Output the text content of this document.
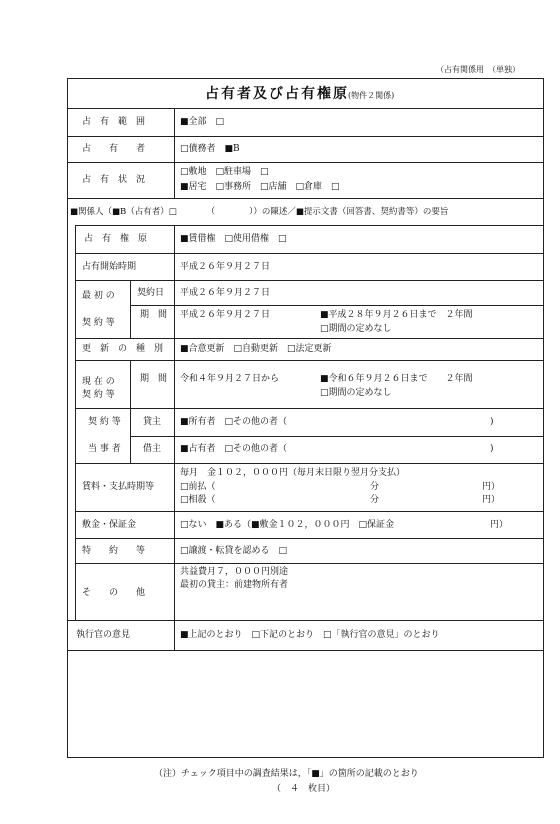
（占有関係用　（単独）
占有者及び占有権原 (物件２関係)
占　有　範　囲	■全部　□
占　　有　　者	□債務者　■B
占　有　状　況
□敷地　□駐車場　□
■居宅　□事務所　□店舗　□倉庫　□
■関係人（■B（占有者）□　　　　（　　　　））の陳述／■提示文書（回答書、契約書等）の要旨
占　有　権　原	■賃借権　□使用借権　□
占有開始時期	平成２６年９月２７日
最 初 の
契 約 等
契約日 平成２６年９月２７日
期　間 平成２６年９月２７日	■平成２８年９月２６日まで　２年間
□期間の定めなし
更　新　の　種　別 ■合意更新　□自動更新　□法定更新
現 在 の
契 約 等
期　間 令和４年９月２７日から	■令和６年９月２６日まで　　２年間
□期間の定めなし
契 約 等
当 事 者
貸主 ■所有者　□その他の者（	)
借主 ■占有者　□その他の者（	)
賃料・支払時期等
毎月　金１０２，０００円（毎月末日限り翌月分支払）
□前払（	分	円）
□相殺（	分	円）
敷金・保証金	□ない　■ある（■敷金１０２，０００円　□保証金	円）
特　　約　　等	□譲渡・転貸を認める　□
そ　　の　　他
共益費月７，０００円別途
最初の貸主：前建物所有者
執行官の意見	■上記のとおり　□下記のとおり　□「執行官の意見」のとおり
（注）チェック項目中の調査結果は，「■」の箇所の記載のとおり
（　４　枚目）
